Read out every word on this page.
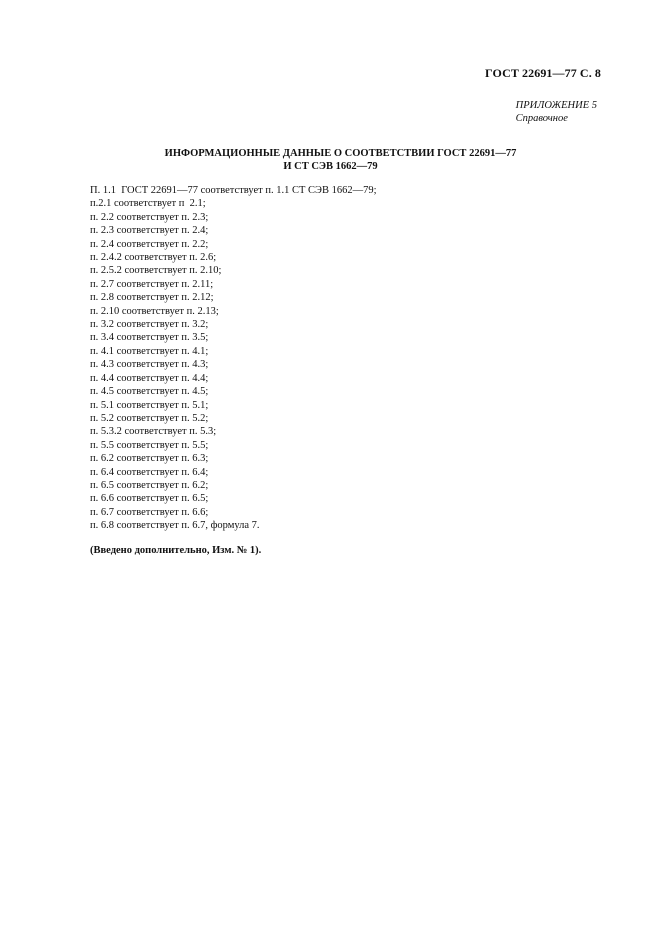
ГОСТ 22691—77 С. 8
ПРИЛОЖЕНИЕ 5
Справочное
ИНФОРМАЦИОННЫЕ ДАННЫЕ О СООТВЕТСТВИИ ГОСТ 22691—77
И СТ СЭВ 1662—79
П. 1.1  ГОСТ 22691—77 соответствует п. 1.1 СТ СЭВ 1662—79;
п.2.1 соответствует п  2.1;
п. 2.2 соответствует п. 2.3;
п. 2.3 соответствует п. 2.4;
п. 2.4 соответствует п. 2.2;
п. 2.4.2 соответствует п. 2.6;
п. 2.5.2 соответствует п. 2.10;
п. 2.7 соответствует п. 2.11;
п. 2.8 соответствует п. 2.12;
п. 2.10 соответствует п. 2.13;
п. 3.2 соответствует п. 3.2;
п. 3.4 соответствует п. 3.5;
п. 4.1 соответствует п. 4.1;
п. 4.3 соответствует п. 4.3;
п. 4.4 соответствует п. 4.4;
п. 4.5 соответствует п. 4.5;
п. 5.1 соответствует п. 5.1;
п. 5.2 соответствует п. 5.2;
п. 5.3.2 соответствует п. 5.3;
п. 5.5 соответствует п. 5.5;
п. 6.2 соответствует п. 6.3;
п. 6.4 соответствует п. 6.4;
п. 6.5 соответствует п. 6.2;
п. 6.6 соответствует п. 6.5;
п. 6.7 соответствует п. 6.6;
п. 6.8 соответствует п. 6.7, формула 7.
(Введено дополнительно, Изм. № 1).
